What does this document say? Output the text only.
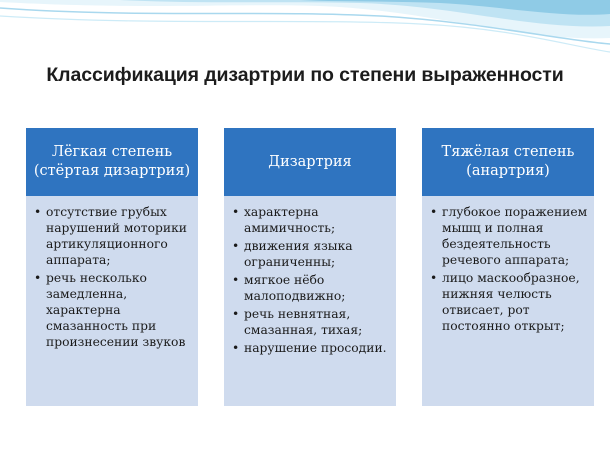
Классификация дизартрии по степени выраженности
Лёгкая степень (стёртая дизартрия)
• отсутствие грубых нарушений моторики артикуляционного аппарата;
• речь несколько замедленна, характерна смазанность при произнесении звуков
Дизартрия
• характерна амимичность;
• движения языка ограниченны;
• мягкое нёбо малоподвижно;
• речь невнятная, смазанная, тихая;
• нарушение просодии.
Тяжёлая степень (анартрия)
• глубокое поражением мышц и полная бездеятельность речевого аппарата;
• лицо маскообразное, нижняя челюсть отвисает, рот постоянно открыт;
